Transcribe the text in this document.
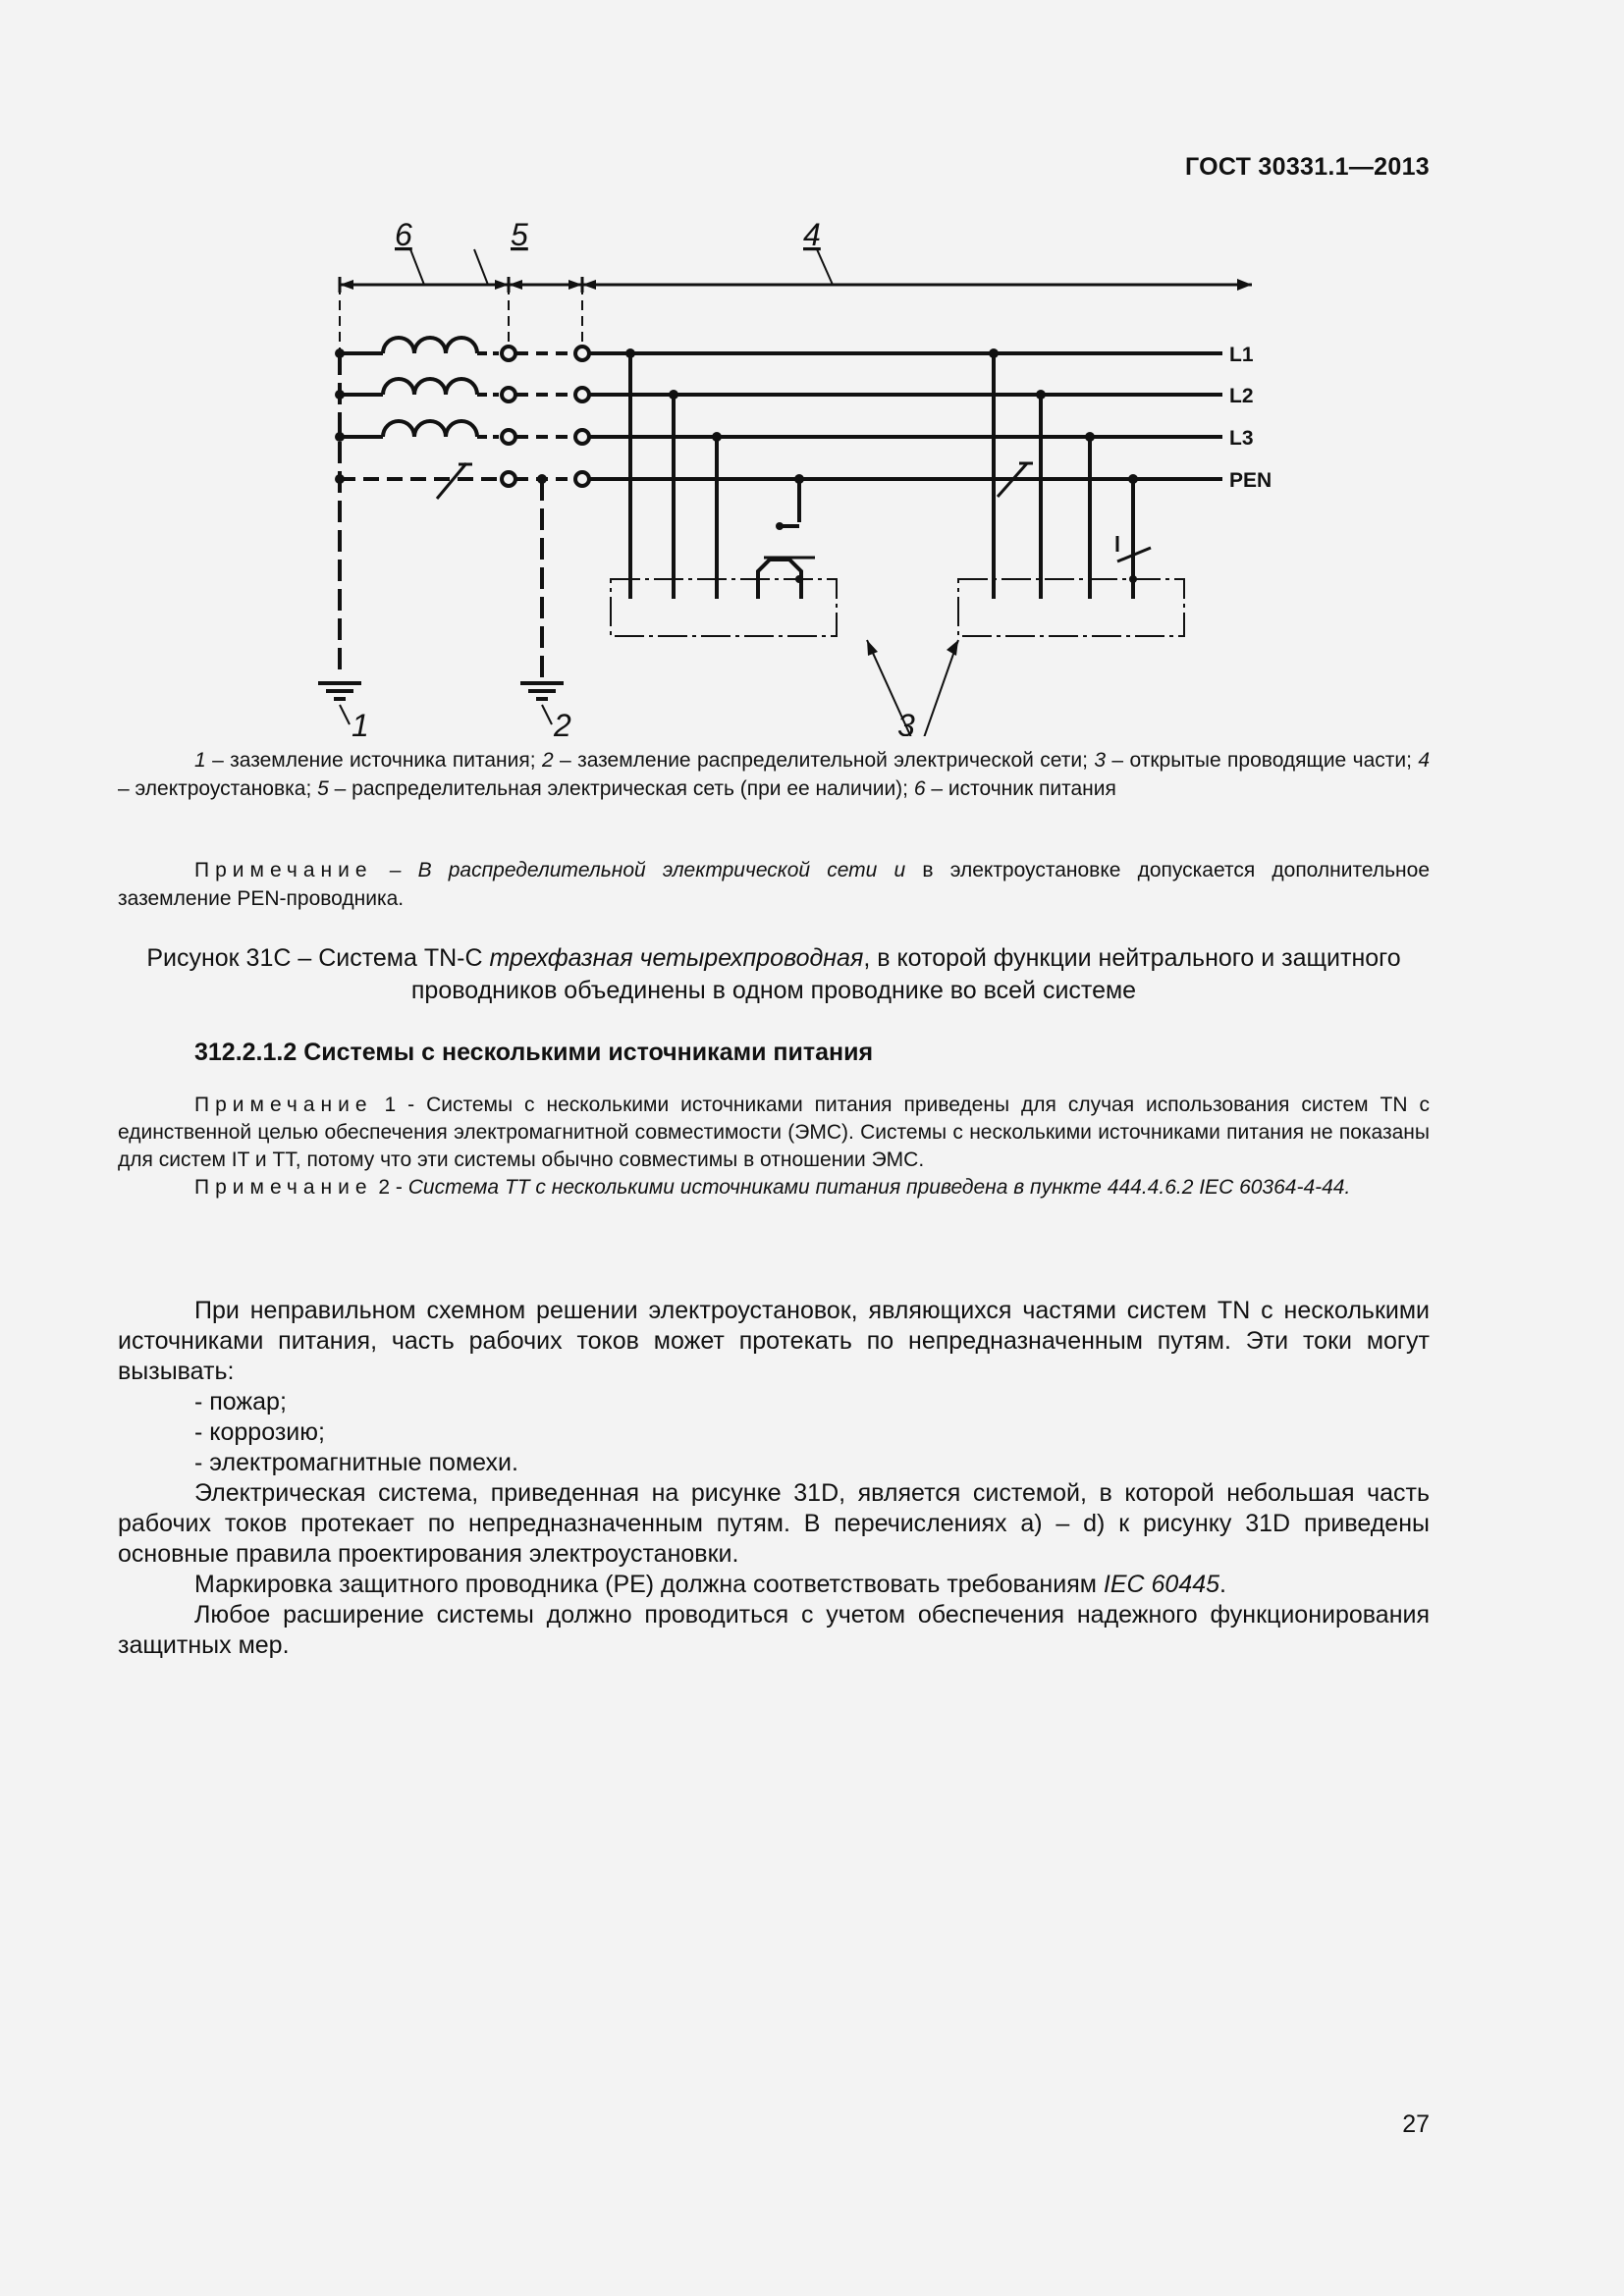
ГОСТ 30331.1—2013
L1
L2
L3
PEN
6	5	4
1	2	3
1 – заземление источника питания; 2 – заземление распределительной электрической сети; 3 – открытые проводящие части; 4 – электроустановка; 5 – распределительная электрическая сеть (при ее наличии); 6 – источник питания
Примечание – В распределительной электрической сети и в электроустановке допускается дополнительное заземление PEN-проводника.
Рисунок 31С – Система TN-C трехфазная четырехпроводная, в которой функции нейтрального и защитного проводников объединены в одном проводнике во всей системе
312.2.1.2 Системы с несколькими источниками питания

Примечание 1 - Системы с несколькими источниками питания приведены для случая использования систем TN с единственной целью обеспечения электромагнитной совместимости (ЭМС). Системы с несколькими источниками питания не показаны для систем IT и TT, потому что эти системы обычно совместимы в отношении ЭМС.

Примечание 2 - Система TT с несколькими источниками питания приведена в пункте 444.4.6.2 IEC 60364-4-44.

При неправильном схемном решении электроустановок, являющихся частями систем TN с несколькими источниками питания, часть рабочих токов может протекать по непредназначенным путям. Эти токи могут вызывать:

- пожар;

- коррозию;

- электромагнитные помехи.

Электрическая система, приведенная на рисунке 31D, является системой, в которой небольшая часть рабочих токов протекает по непредназначенным путям. В перечислениях а) – d) к рисунку 31D приведены основные правила проектирования электроустановки.

Маркировка защитного проводника (PE) должна соответствовать требованиям IEC 60445.

Любое расширение системы должно проводиться с учетом обеспечения надежного функционирования защитных мер.

27
